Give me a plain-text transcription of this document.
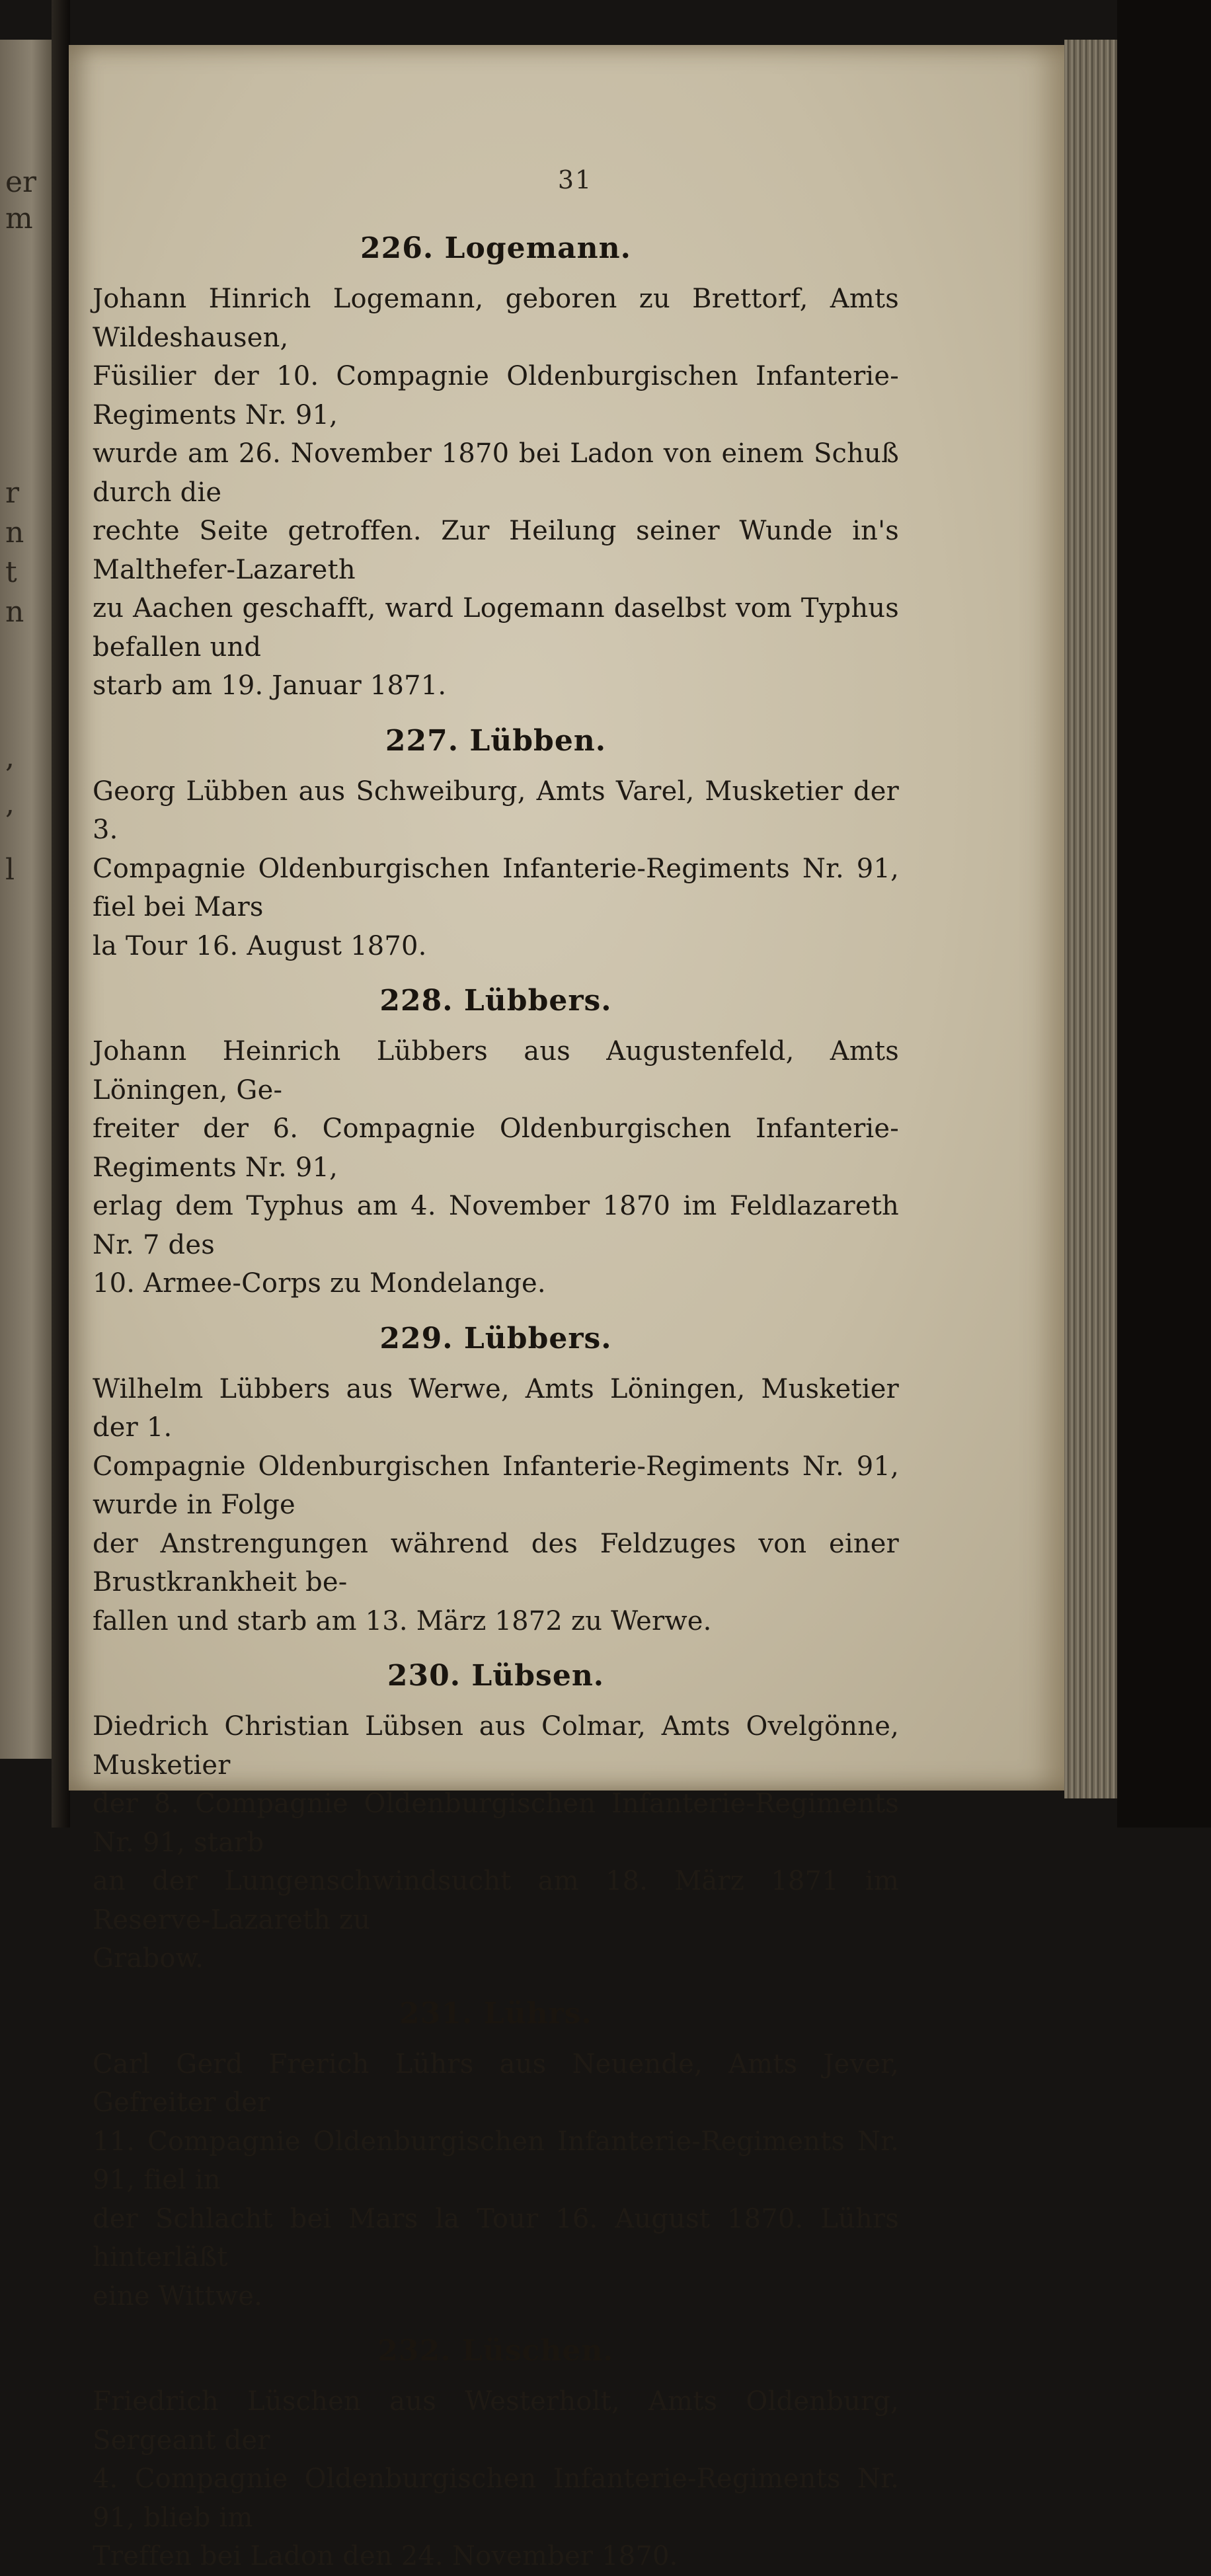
er
m
r
n
t
n
,
,
l
31
226. Logemann.

Johann Hinrich Logemann, geboren zu Brettorf, Amts Wildeshausen,
Füsilier der 10. Compagnie Oldenburgischen Infanterie-Regiments Nr. 91,
wurde am 26. November 1870 bei Ladon von einem Schuß durch die
rechte Seite getroffen. Zur Heilung seiner Wunde in's Malthefer-Lazareth
zu Aachen geschafft, ward Logemann daselbst vom Typhus befallen und
starb am 19. Januar 1871.

227. Lübben.

Georg Lübben aus Schweiburg, Amts Varel, Musketier der 3.
Compagnie Oldenburgischen Infanterie-Regiments Nr. 91, fiel bei Mars
la Tour 16. August 1870.

228. Lübbers.

Johann Heinrich Lübbers aus Augustenfeld, Amts Löningen, Ge-
freiter der 6. Compagnie Oldenburgischen Infanterie-Regiments Nr. 91,
erlag dem Typhus am 4. November 1870 im Feldlazareth Nr. 7 des
10. Armee-Corps zu Mondelange.

229. Lübbers.

Wilhelm Lübbers aus Werwe, Amts Löningen, Musketier der 1.
Compagnie Oldenburgischen Infanterie-Regiments Nr. 91, wurde in Folge
der Anstrengungen während des Feldzuges von einer Brustkrankheit be-
fallen und starb am 13. März 1872 zu Werwe.

230. Lübsen.

Diedrich Christian Lübsen aus Colmar, Amts Ovelgönne, Musketier
der 8. Compagnie Oldenburgischen Infanterie-Regiments Nr. 91, starb
an der Lungenschwindsucht am 18. März 1871 im Reserve-Lazareth zu
Grabow.

231. Lührs.

Carl Gerd Frerich Lührs aus Neuende, Amts Jever, Gefreiter der
11. Compagnie Oldenburgischen Infanterie-Regiments Nr. 91, fiel in
der Schlacht bei Mars la Tour 16. August 1870. Lührs hinterläßt
eine Wittwe.

232. Lüschen.

Friedrich Lüschen aus Westerholt, Amts Oldenburg, Sergeant der
4. Compagnie Oldenburgischen Infanterie-Regiments Nr. 91, blieb im
Treffen bei Ladon den 24. November 1870.
